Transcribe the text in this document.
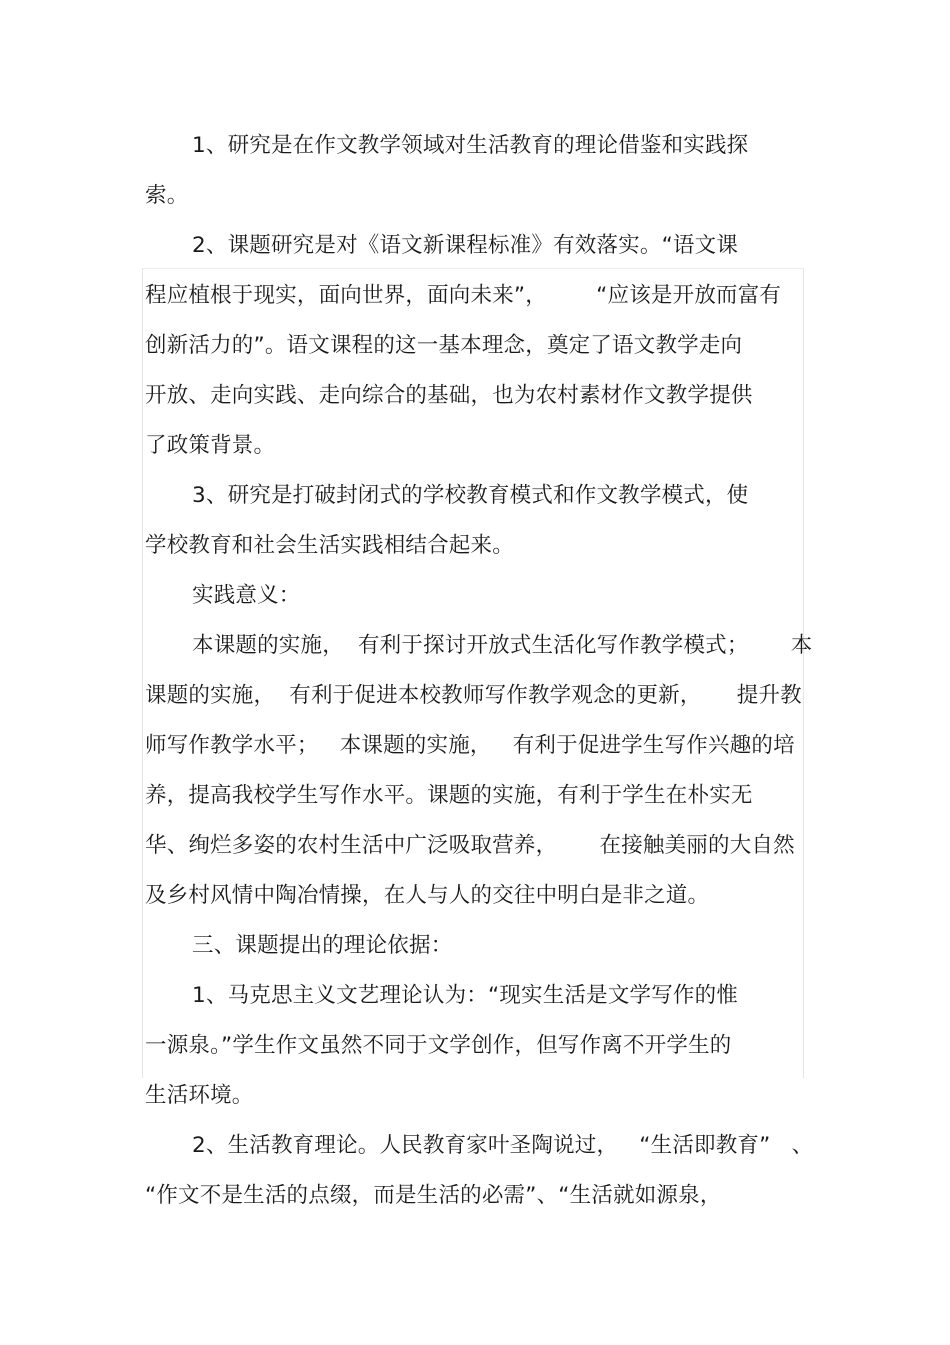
1、研究是在作文教学领域对生活教育的理论借鉴和实践探
索。
2、课题研究是对《语文新课程标准》有效落实。“语文课
程应植根于现实，面向世界，面向未来”，       “应该是开放而富有
创新活力的”。语文课程的这一基本理念，奠定了语文教学走向
开放、走向实践、走向综合的基础，也为农村素材作文教学提供
了政策背景。
3、研究是打破封闭式的学校教育模式和作文教学模式，使
学校教育和社会生活实践相结合起来。
实践意义：
本课题的实施，  有利于探讨开放式生活化写作教学模式；      本
课题的实施，  有利于促进本校教师写作教学观念的更新，     提升教
师写作教学水平；   本课题的实施，   有利于促进学生写作兴趣的培
养，提高我校学生写作水平。课题的实施，有利于学生在朴实无
华、绚烂多姿的农村生活中广泛吸取营养，      在接触美丽的大自然
及乡村风情中陶冶情操，在人与人的交往中明白是非之道。
三、课题提出的理论依据：
1、马克思主义文艺理论认为：“现实生活是文学写作的惟
一源泉。”学生作文虽然不同于文学创作，但写作离不开学生的
生活环境。
2、生活教育理论。人民教育家叶圣陶说过，   “生活即教育”   、
“作文不是生活的点缀，而是生活的必需”、“生活就如源泉，
